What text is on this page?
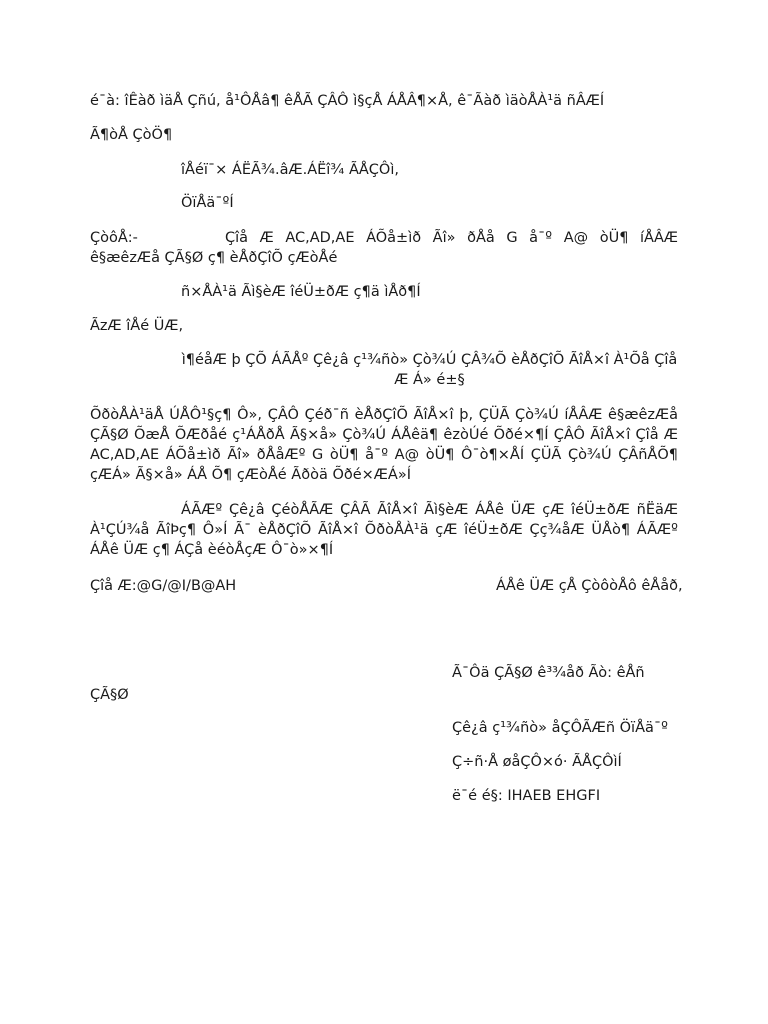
é¯à: îÊàð ìäÅ Çñú, å¹ÔÅâ¶ êÅÃ ÇÂÔ ì§çÅ ÁÅÂ¶×Å, ê¯Ãàð ìäòÅÀ¹ä ñÂÆÍ
Ã¶òÅ ÇòÖ¶
îÅéï¯× ÁËÃ¾.âÆ.ÁËî¾ ÃÅÇÔì,
ÖïÅä¯ºÍ
ÇòôÅ:-	Çîå Æ AC,AD,AE ÁÕå±ìð Ãî» ðÅå G å¯º A@ òÜ¶ íÅÂÆ ê§æêzÆå ÇÃ§Ø ç¶ èÅðÇîÕ çÆòÅé
ñ×ÅÀ¹ä Ãì§èÆ îéÜ±ðÆ ç¶ä ìÅð¶Í
ÃzÆ îÅé ÜÆ,
ì¶éåÆ þ ÇÕ ÁÃÅº Çê¿â ç¹¾ñò» Çò¾Ú ÇÂ¾Õ èÅðÇîÕ ÃîÅ×î À¹Õå Çîå Æ Á» é±§
ÕðòÅÀ¹äÅ ÚÅÔ¹§ç¶ Ô», ÇÂÔ Çéð¯ñ èÅðÇîÕ ÃîÅ×î þ, ÇÜÃ Çò¾Ú íÅÂÆ ê§æêzÆå ÇÃ§Ø ÕæÅ ÕÆðåé ç¹ÁÅðÅ Ã§×å» Çò¾Ú ÁÅêä¶ êzòÚé Õðé×¶Í ÇÂÔ ÃîÅ×î Çîå Æ AC,AD,AE ÁÕå±ìð Ãî» ðÅåÆº G òÜ¶ å¯º A@ òÜ¶ Ô¯ò¶×ÅÍ ÇÜÃ Çò¾Ú ÇÂñÅÕ¶ çÆÁ» Ã§×å» ÁÅ Õ¶ çÆòÅé Ãðòä Õðé×ÆÁ»Í
ÁÃÆº Çê¿â ÇéòÅÃÆ ÇÂÃ ÃîÅ×î Ãì§èÆ ÁÅê ÜÆ çÆ îéÜ±ðÆ ñËäÆ À¹ÇÚ¾å ÃîÞç¶ Ô»Í Ã¯ èÅðÇîÕ ÃîÅ×î ÕðòÅÀ¹ä çÆ îéÜ±ðÆ Çç¾åÆ ÜÅò¶ ÁÃÆº ÁÅê ÜÆ ç¶ ÁÇå èéòÅçÆ Ô¯ò»×¶Í
Çîå Æ:@G/@I/B@AH	ÁÅê ÜÆ çÅ ÇòôòÅô êÅåð,
Ã¯Ôä ÇÃ§Ø ê³¾åð Ãò: êÅñ
ÇÃ§Ø
Çê¿â ç¹¾ñò» åÇÔÃÆñ ÖïÅä¯º
Ç÷ñ·Å øåÇÔ×ó· ÃÅÇÔìÍ
ë¯é é§: IHAEB EHGFI
